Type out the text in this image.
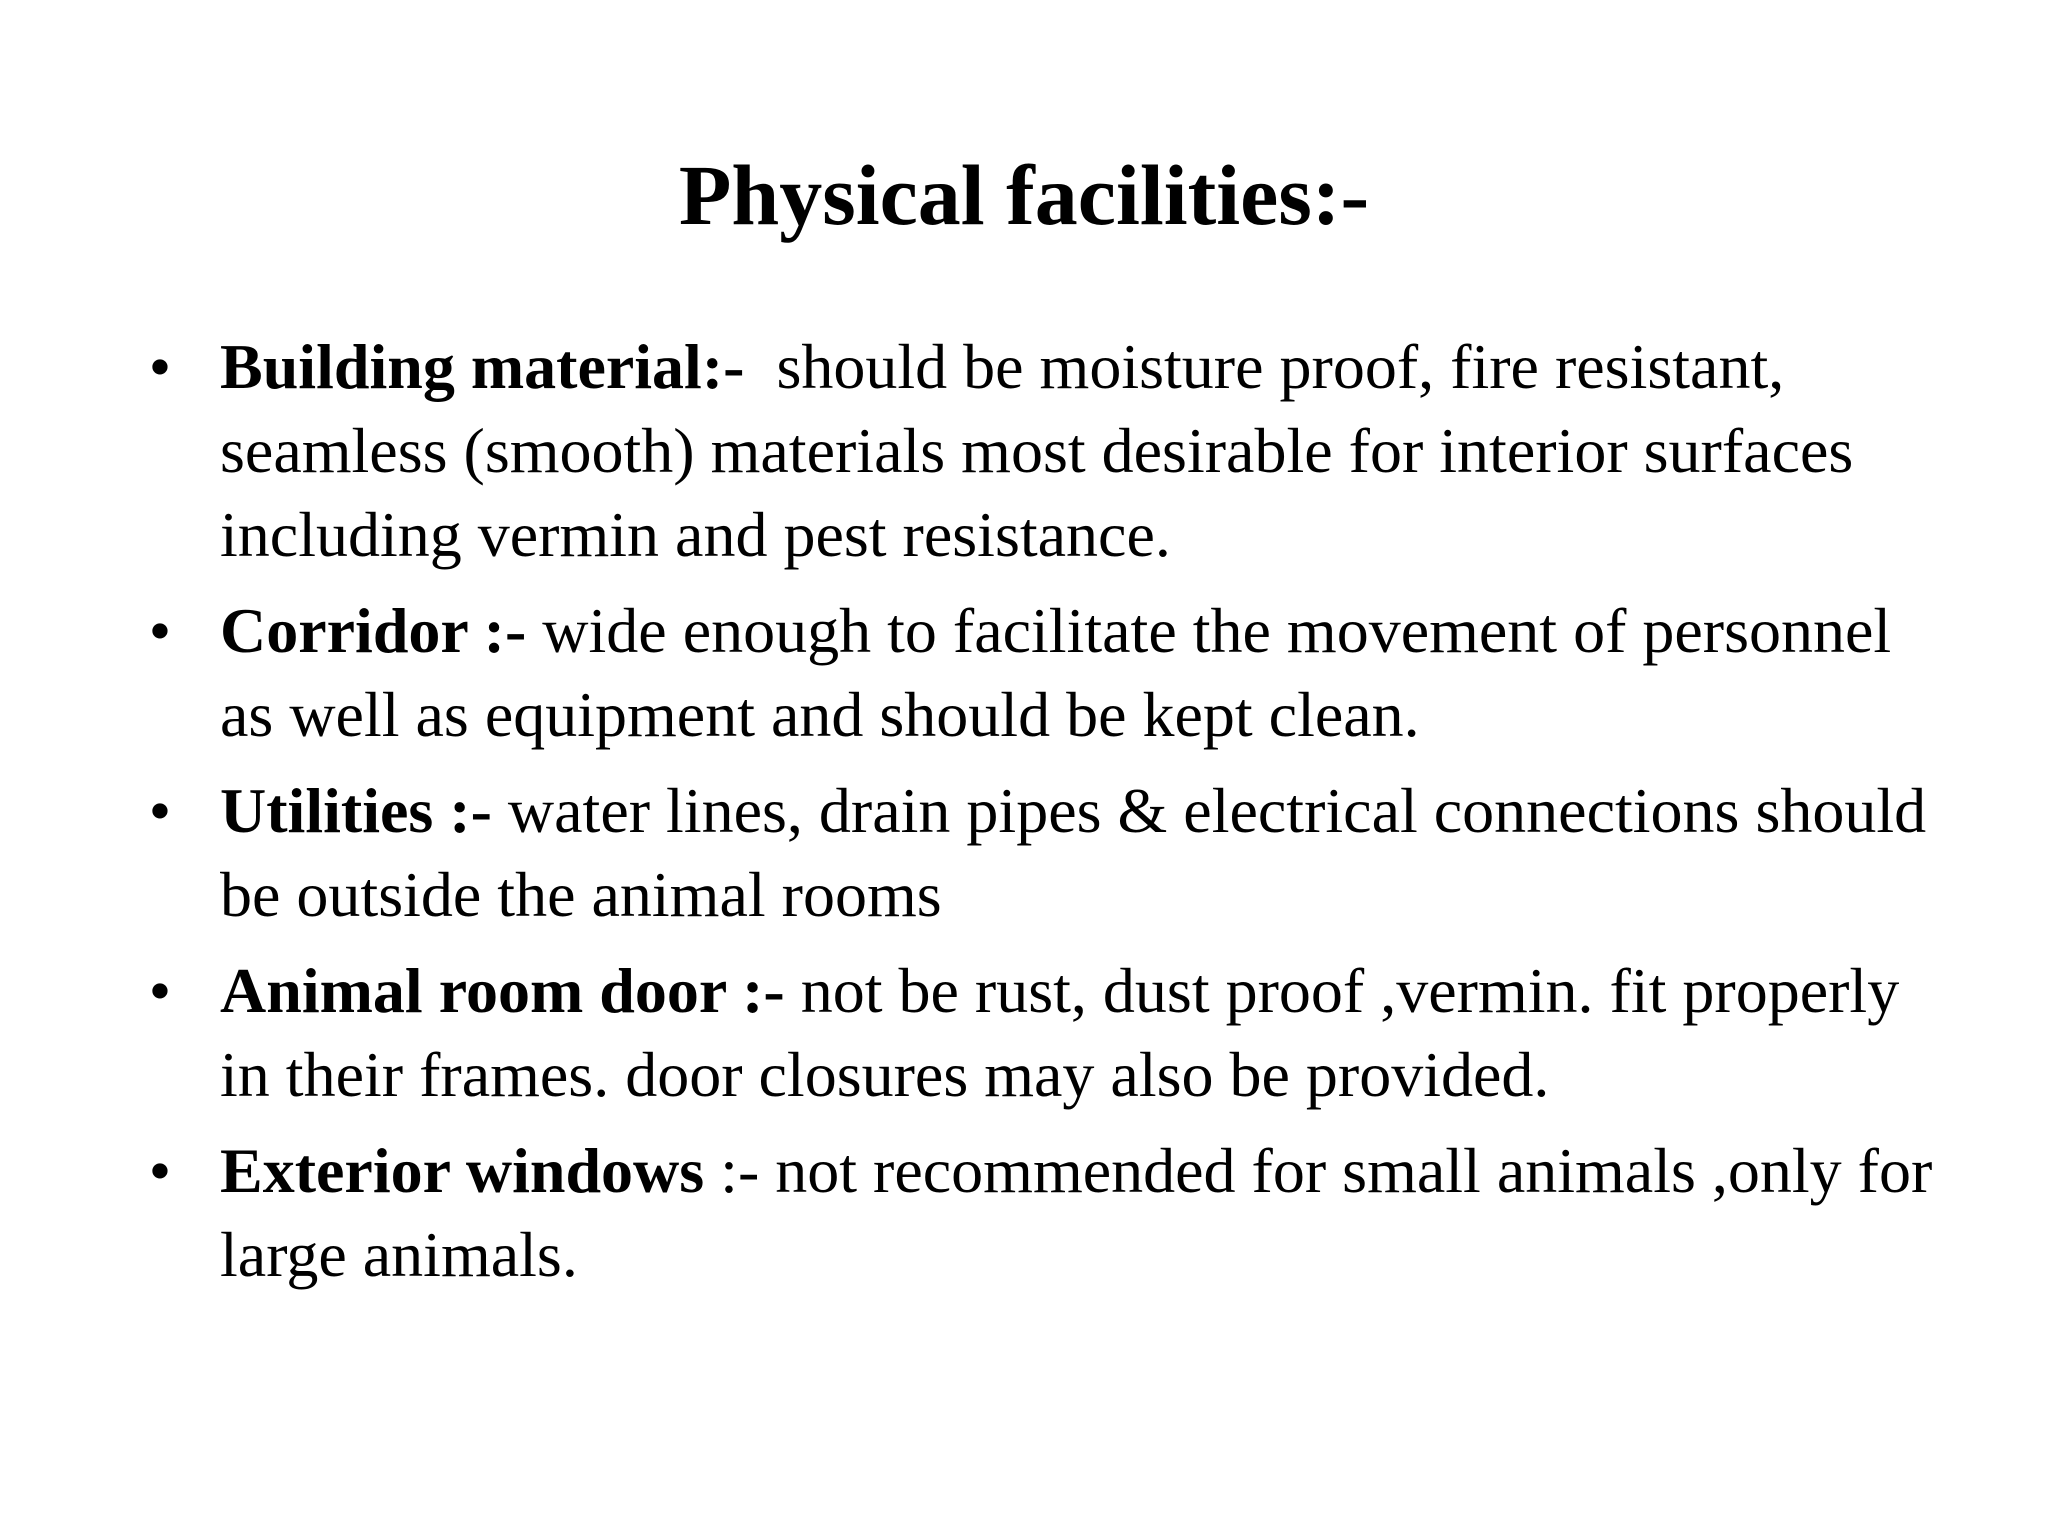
Physical facilities:-
• Building material:-  should be moisture proof, fire resistant, seamless (smooth) materials most desirable for interior surfaces including vermin and pest resistance.
• Corridor :- wide enough to facilitate the movement of personnel as well as equipment and should be kept clean.
• Utilities :- water lines, drain pipes & electrical connections should be outside the animal rooms
• Animal room door :- not be rust, dust proof ,vermin. fit properly in their frames. door closures may also be provided.
• Exterior windows :- not recommended for small animals ,only for large animals.
